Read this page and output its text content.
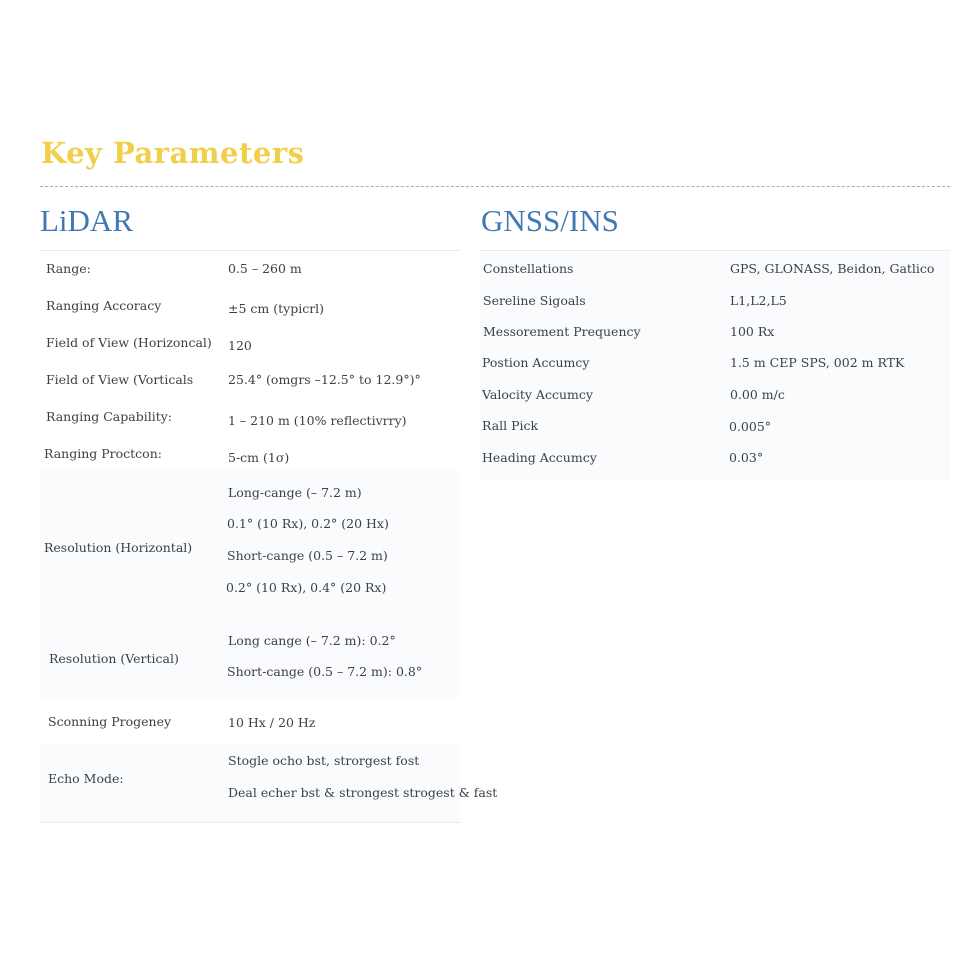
Key Parameters
LiDAR	GNSS/INS
Range:	0.5 – 260 m
Ranging Accoracy	±5 cm (typicrl)
Field of View (Horizoncal) 120
Field of View (Vorticals	25.4° (omgrs –12.5° to 12.9°)°
Ranging Capability:	1 – 210 m (10% reflectivrry)
Ranging Proctcon:	5-cm (1σ)
Resolution (Horizontal)
Long-cange (– 7.2 m)
0.1° (10 Rx), 0.2° (20 Hx)
Short-cange (0.5 – 7.2 m)
0.2° (10 Rx), 0.4° (20 Rx)
Resolution (Vertical)
Long cange (– 7.2 m): 0.2°
Short-cange (0.5 – 7.2 m): 0.8°
Sconning Progeney	10 Hx / 20 Hz
Echo Mode:
Stogle ocho bst, strorgest fost
Deal echer bst & strongest strogest & fast
Constellations	GPS, GLONASS, Beidon, Gatlico
Sereline Sigoals	L1,L2,L5
Messorement Prequency	100 Rx
Postion Accumcy	1.5 m CEP SPS, 002 m RTK
Valocity Accumcy	0.00 m/c
Rall Pick	0.005°
Heading Accumcy	0.03°
